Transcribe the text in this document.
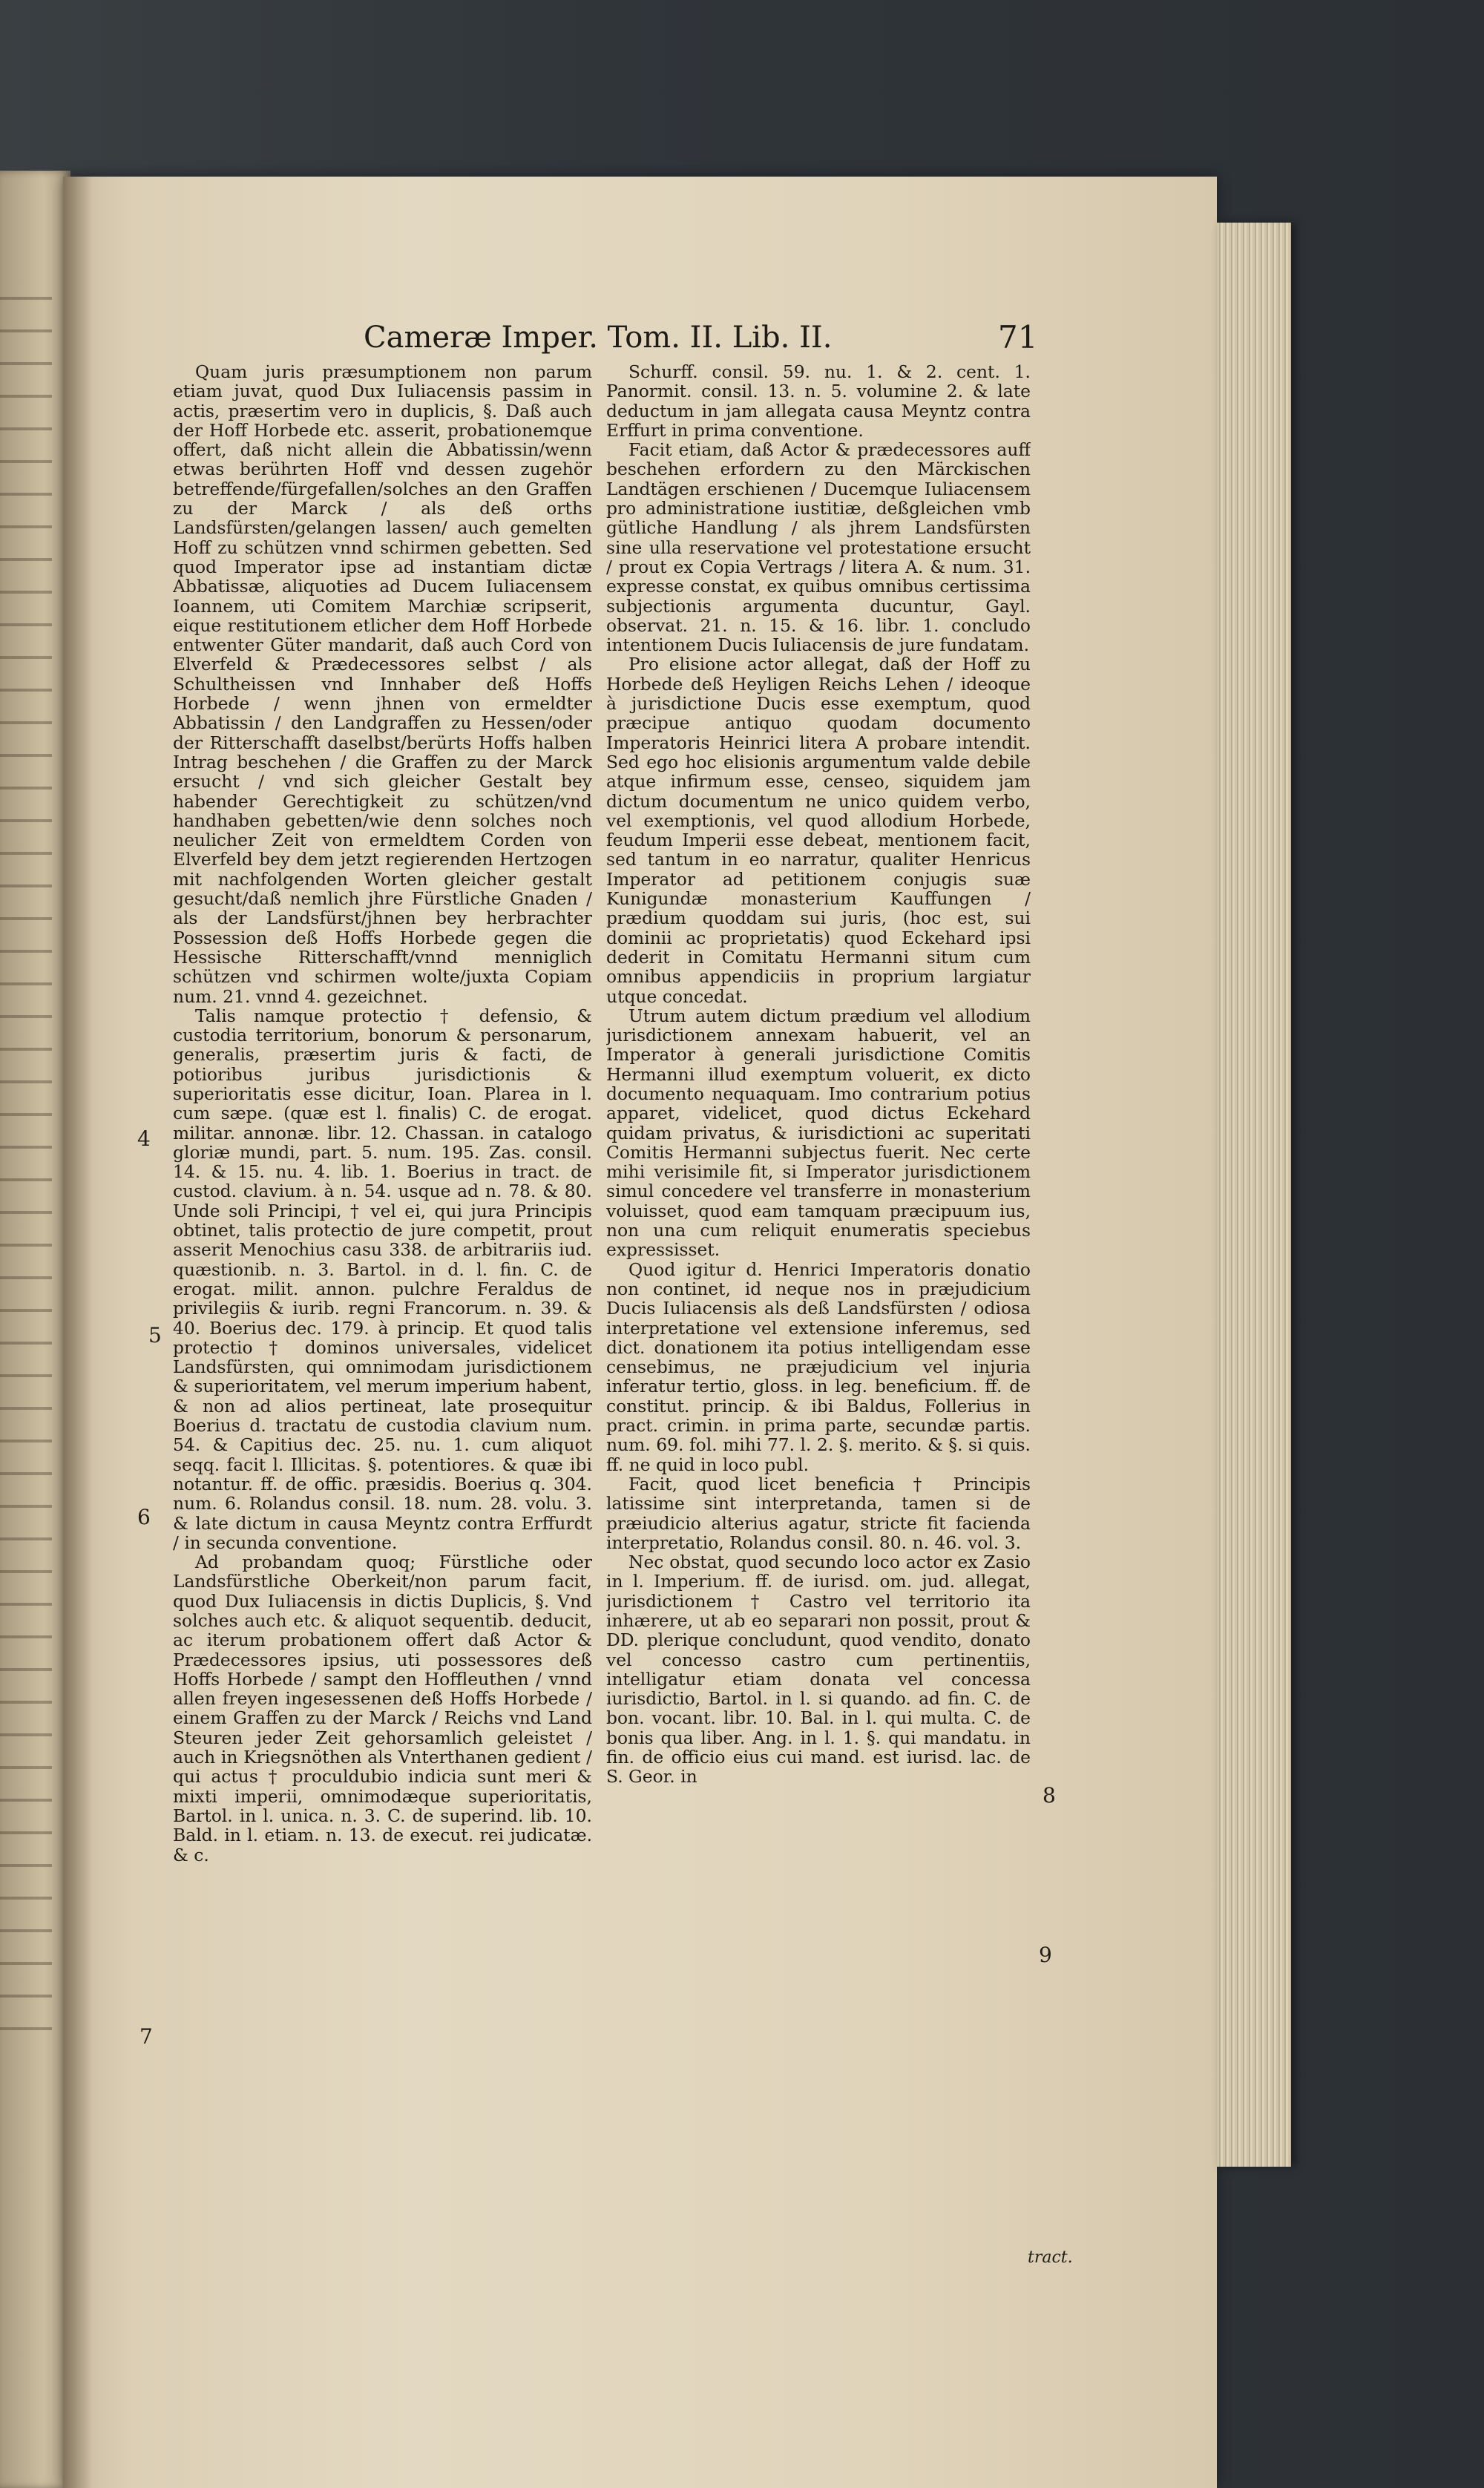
Cameræ Imper. Tom. II. Lib. II.	71

Quam juris præsumptionem non parum etiam juvat, quod Dux Iuliacensis passim in actis, præsertim vero in duplicis, §. Daß auch der Hoff Horbede etc. asserit, probationemque offert, daß nicht allein die Abbatissin/wenn etwas berührten Hoff vnd dessen zugehör betreffende/fürgefallen/solches an den Graffen zu der Marck / als deß orths Landsfürsten/gelangen lassen/ auch gemelten Hoff zu schützen vnnd schirmen gebetten. Sed quod Imperator ipse ad instantiam dictæ Abbatissæ, aliquoties ad Ducem Iuliacensem Ioannem, uti Comitem Marchiæ scripserit, eique restitutionem etlicher dem Hoff Horbede entwenter Güter mandarit, daß auch Cord von Elverfeld & Prædecessores selbst / als Schultheissen vnd Innhaber deß Hoffs Horbede / wenn jhnen von ermeldter Abbatissin / den Landgraffen zu Hessen/oder der Ritterschafft daselbst/berürts Hoffs halben Intrag beschehen / die Graffen zu der Marck ersucht / vnd sich gleicher Gestalt bey habender Gerechtigkeit zu schützen/vnd handhaben gebetten/wie denn solches noch neulicher Zeit von ermeldtem Corden von Elverfeld bey dem jetzt regierenden Hertzogen mit nachfolgenden Worten gleicher gestalt gesucht/daß nemlich jhre Fürstliche Gnaden / als der Landsfürst/jhnen bey herbrachter Possession deß Hoffs Horbede gegen die Hessische Ritterschafft/vnnd menniglich schützen vnd schirmen wolte/juxta Copiam num. 21. vnnd 4. gezeichnet.

Talis namque protectio † defensio, & custodia territorium, bonorum & personarum, generalis, præsertim juris & facti, de potioribus juribus jurisdictionis & superioritatis esse dicitur, Ioan. Plarea in l. cum sæpe. (quæ est l. finalis) C. de erogat. militar. annonæ. libr. 12. Chassan. in catalogo gloriæ mundi, part. 5. num. 195. Zas. consil. 14. & 15. nu. 4. lib. 1. Boerius in tract. de custod. clavium. à n. 54. usque ad n. 78. & 80. Unde soli Principi, † vel ei, qui jura Principis obtinet, talis protectio de jure competit, prout asserit Menochius casu 338. de arbitrariis iud. quæstionib. n. 3. Bartol. in d. l. fin. C. de erogat. milit. annon. pulchre Feraldus de privilegiis & iurib. regni Francorum. n. 39. & 40. Boerius dec. 179. à princip. Et quod talis protectio † dominos universales, videlicet Landsfürsten, qui omnimodam jurisdictionem & superioritatem, vel merum imperium habent, & non ad alios pertineat, late prosequitur Boerius d. tractatu de custodia clavium num. 54. & Capitius dec. 25. nu. 1. cum aliquot seqq. facit l. Illicitas. §. potentiores. & quæ ibi notantur. ff. de offic. præsidis. Boerius q. 304. num. 6. Rolandus consil. 18. num. 28. volu. 3. & late dictum in causa Meyntz contra Erffurdt / in secunda conventione.

Ad probandam quoq; Fürstliche oder Landsfürstliche Oberkeit/non parum facit, quod Dux Iuliacensis in dictis Duplicis, §. Vnd solches auch etc. & aliquot sequentib. deducit, ac iterum probationem offert daß Actor & Prædecessores ipsius, uti possessores deß Hoffs Horbede / sampt den Hoffleuthen / vnnd allen freyen ingesessenen deß Hoffs Horbede / einem Graffen zu der Marck / Reichs vnd Land Steuren jeder Zeit gehorsamlich geleistet / auch in Kriegsnöthen als Vnterthanen gedient / qui actus † proculdubio indicia sunt meri & mixti imperii, omnimodæque superioritatis, Bartol. in l. unica. n. 3. C. de superind. lib. 10. Bald. in l. etiam. n. 13. de execut. rei judicatæ. & c.

Schurff. consil. 59. nu. 1. & 2. cent. 1. Panormit. consil. 13. n. 5. volumine 2. & late deductum in jam allegata causa Meyntz contra Erffurt in prima conventione.

Facit etiam, daß Actor & prædecessores auff beschehen erfordern zu den Märckischen Landtägen erschienen / Ducemque Iuliacensem pro administratione iustitiæ, deßgleichen vmb gütliche Handlung / als jhrem Landsfürsten sine ulla reservatione vel protestatione ersucht / prout ex Copia Vertrags / litera A. & num. 31. expresse constat, ex quibus omnibus certissima subjectionis argumenta ducuntur, Gayl. observat. 21. n. 15. & 16. libr. 1. concludo intentionem Ducis Iuliacensis de jure fundatam.

Pro elisione actor allegat, daß der Hoff zu Horbede deß Heyligen Reichs Lehen / ideoque à jurisdictione Ducis esse exemptum, quod præcipue antiquo quodam documento Imperatoris Heinrici litera A probare intendit. Sed ego hoc elisionis argumentum valde debile atque infirmum esse, censeo, siquidem jam dictum documentum ne unico quidem verbo, vel exemptionis, vel quod allodium Horbede, feudum Imperii esse debeat, mentionem facit, sed tantum in eo narratur, qualiter Henricus Imperator ad petitionem conjugis suæ Kunigundæ monasterium Kauffungen / prædium quoddam sui juris, (hoc est, sui dominii ac proprietatis) quod Eckehard ipsi dederit in Comitatu Hermanni situm cum omnibus appendiciis in proprium largiatur utque concedat.

Utrum autem dictum prædium vel allodium jurisdictionem annexam habuerit, vel an Imperator à generali jurisdictione Comitis Hermanni illud exemptum voluerit, ex dicto documento nequaquam. Imo contrarium potius apparet, videlicet, quod dictus Eckehard quidam privatus, & iurisdictioni ac superitati Comitis Hermanni subjectus fuerit. Nec certe mihi verisimile fit, si Imperator jurisdictionem simul concedere vel transferre in monasterium voluisset, quod eam tamquam præcipuum ius, non una cum reliquit enumeratis speciebus expressisset.

Quod igitur d. Henrici Imperatoris donatio non continet, id neque nos in præjudicium Ducis Iuliacensis als deß Landsfürsten / odiosa interpretatione vel extensione inferemus, sed dict. donationem ita potius intelligendam esse censebimus, ne præjudicium vel injuria inferatur tertio, gloss. in leg. beneficium. ff. de constitut. princip. & ibi Baldus, Follerius in pract. crimin. in prima parte, secundæ partis. num. 69. fol. mihi 77. l. 2. §. merito. & §. si quis. ff. ne quid in loco publ.

Facit, quod licet beneficia † Principis latissime sint interpretanda, tamen si de præiudicio alterius agatur, stricte fit facienda interpretatio, Rolandus consil. 80. n. 46. vol. 3.

Nec obstat, quod secundo loco actor ex Zasio in l. Imperium. ff. de iurisd. om. jud. allegat, jurisdictionem † Castro vel territorio ita inhærere, ut ab eo separari non possit, prout & DD. plerique concludunt, quod vendito, donato vel concesso castro cum pertinentiis, intelligatur etiam donata vel concessa iurisdictio, Bartol. in l. si quando. ad fin. C. de bon. vocant. libr. 10. Bal. in l. qui multa. C. de bonis qua liber. Ang. in l. 1. §. qui mandatu. in fin. de officio eius cui mand. est iurisd. lac. de S. Geor. in

4
5
6
7
8
9
tract.
